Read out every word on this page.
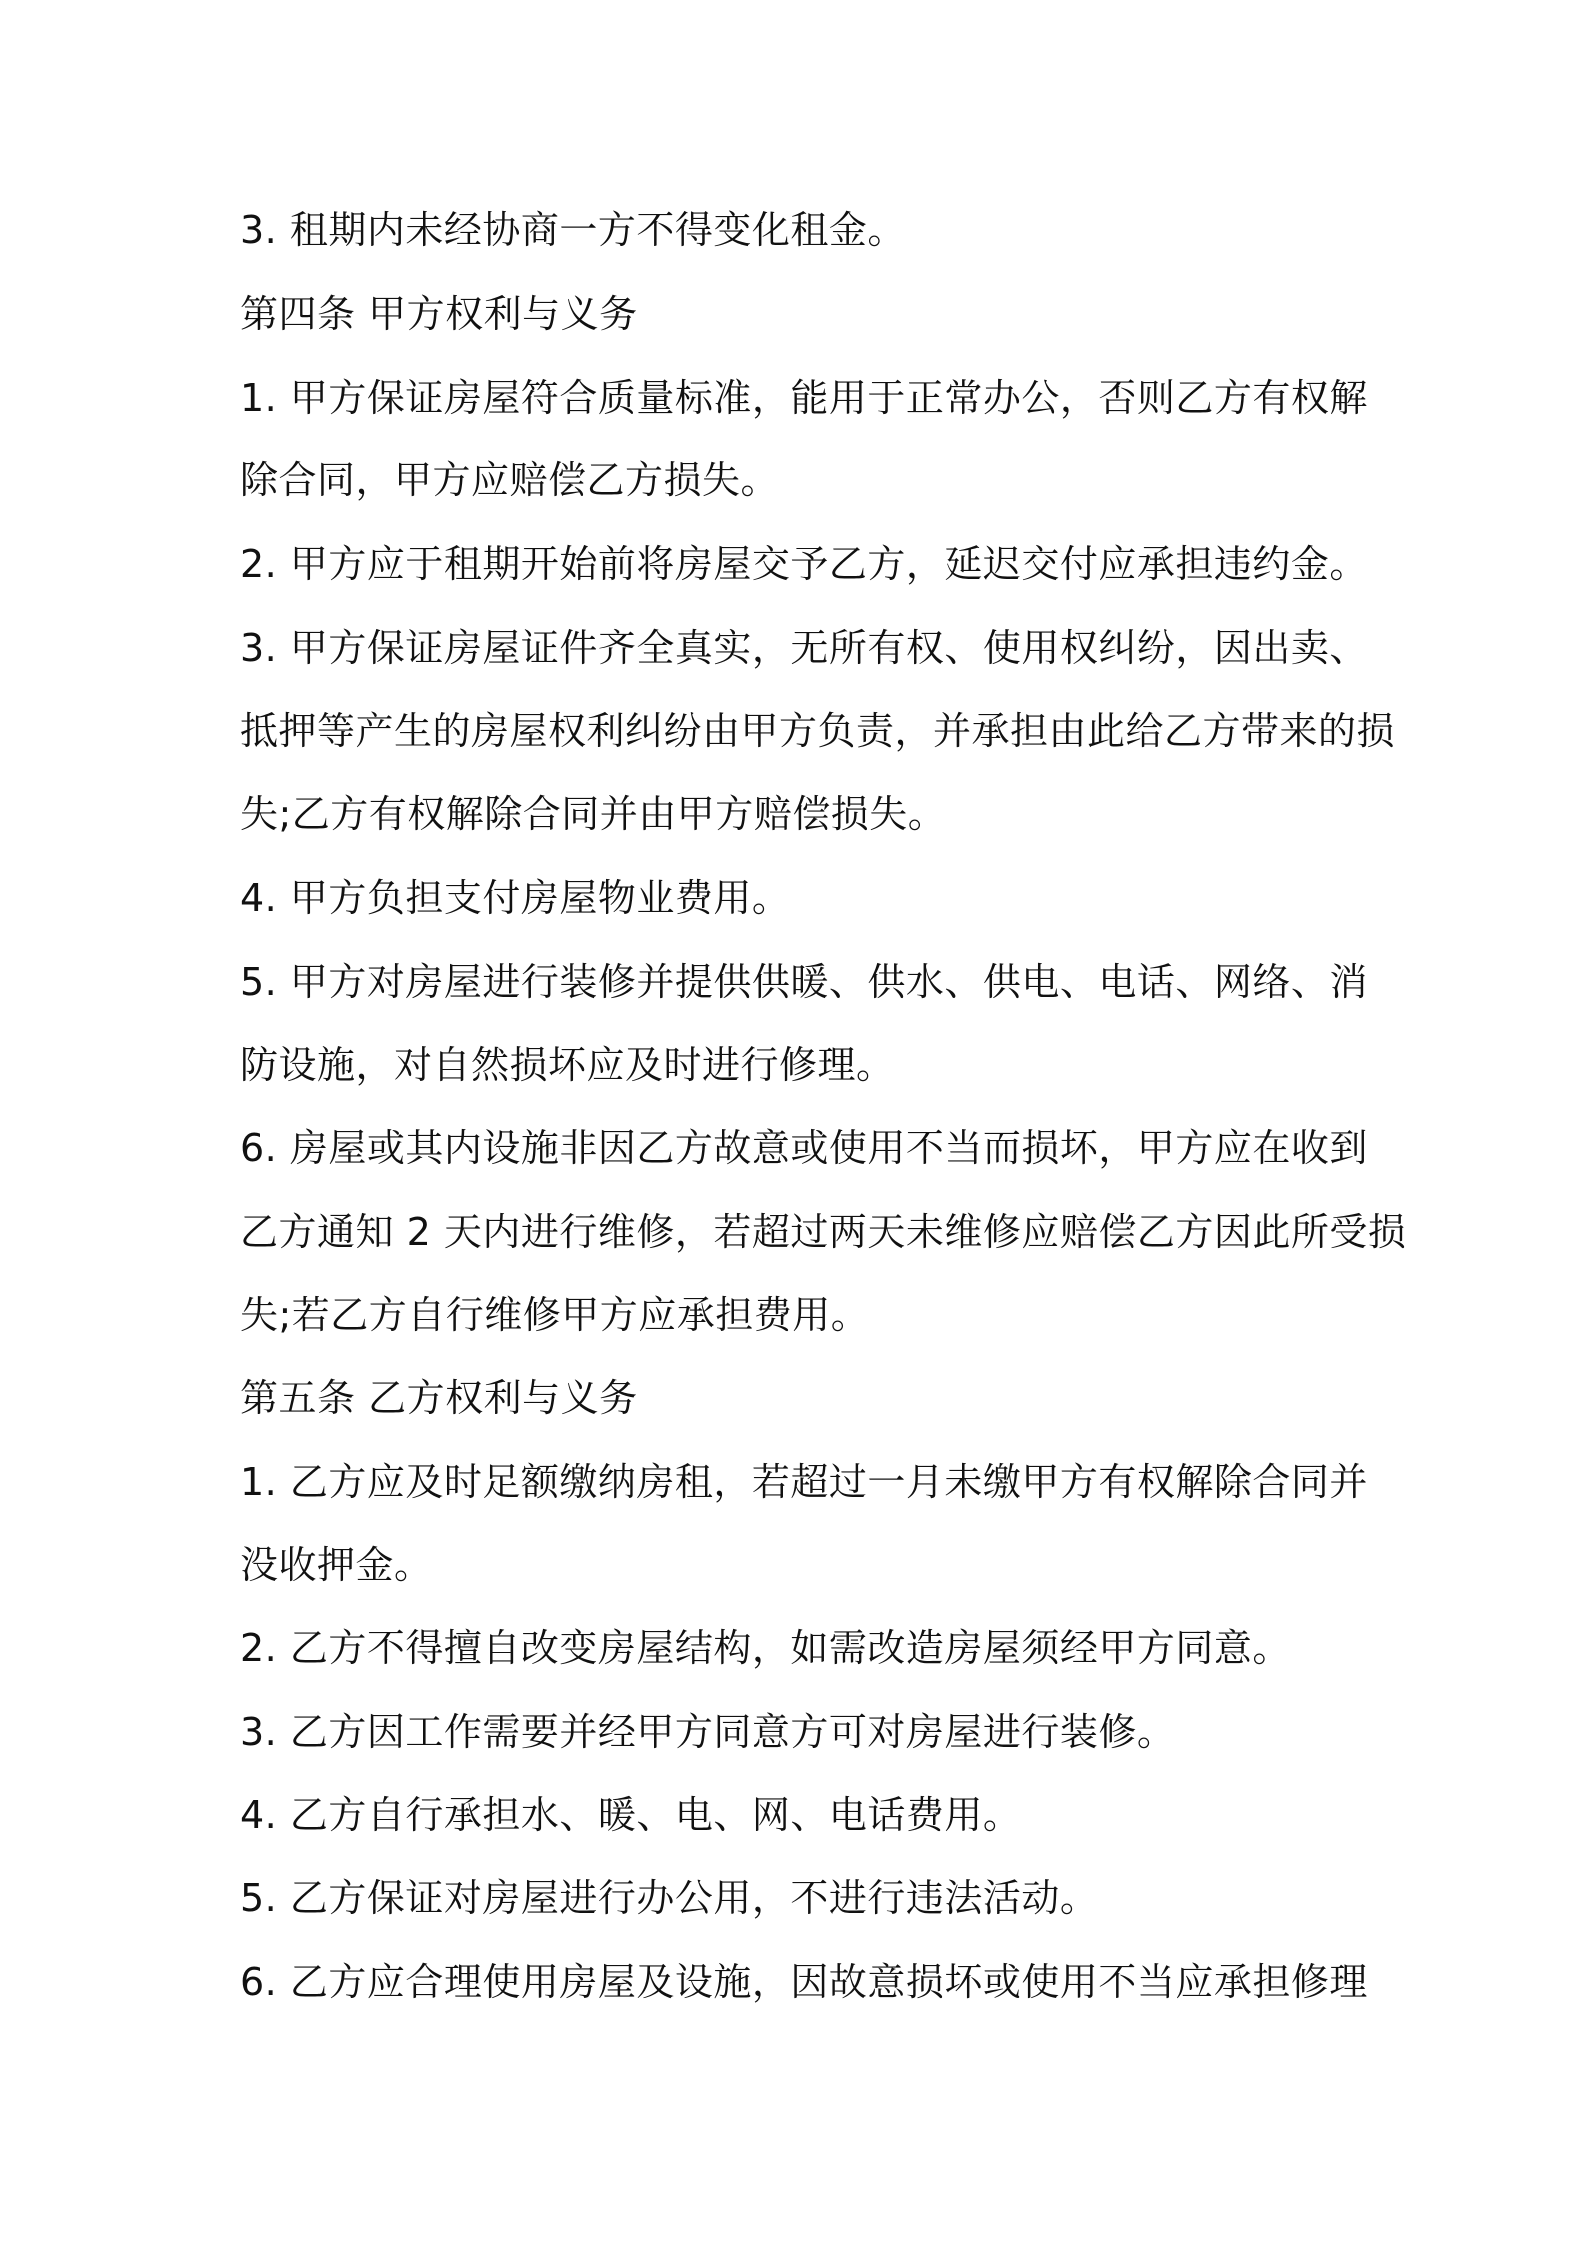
3. 租期内未经协商一方不得变化租金。
第四条 甲方权利与义务
1. 甲方保证房屋符合质量标准，能用于正常办公，否则乙方有权解
除合同，甲方应赔偿乙方损失。
2. 甲方应于租期开始前将房屋交予乙方，延迟交付应承担违约金。
3. 甲方保证房屋证件齐全真实，无所有权、使用权纠纷，因出卖、
抵押等产生的房屋权利纠纷由甲方负责，并承担由此给乙方带来的损
失;乙方有权解除合同并由甲方赔偿损失。
4. 甲方负担支付房屋物业费用。
5. 甲方对房屋进行装修并提供供暖、供水、供电、电话、网络、消
防设施，对自然损坏应及时进行修理。
6. 房屋或其内设施非因乙方故意或使用不当而损坏，甲方应在收到
乙方通知 2 天内进行维修，若超过两天未维修应赔偿乙方因此所受损
失;若乙方自行维修甲方应承担费用。
第五条 乙方权利与义务
1. 乙方应及时足额缴纳房租，若超过一月未缴甲方有权解除合同并
没收押金。
2. 乙方不得擅自改变房屋结构，如需改造房屋须经甲方同意。
3. 乙方因工作需要并经甲方同意方可对房屋进行装修。
4. 乙方自行承担水、暖、电、网、电话费用。
5. 乙方保证对房屋进行办公用，不进行违法活动。
6. 乙方应合理使用房屋及设施，因故意损坏或使用不当应承担修理
